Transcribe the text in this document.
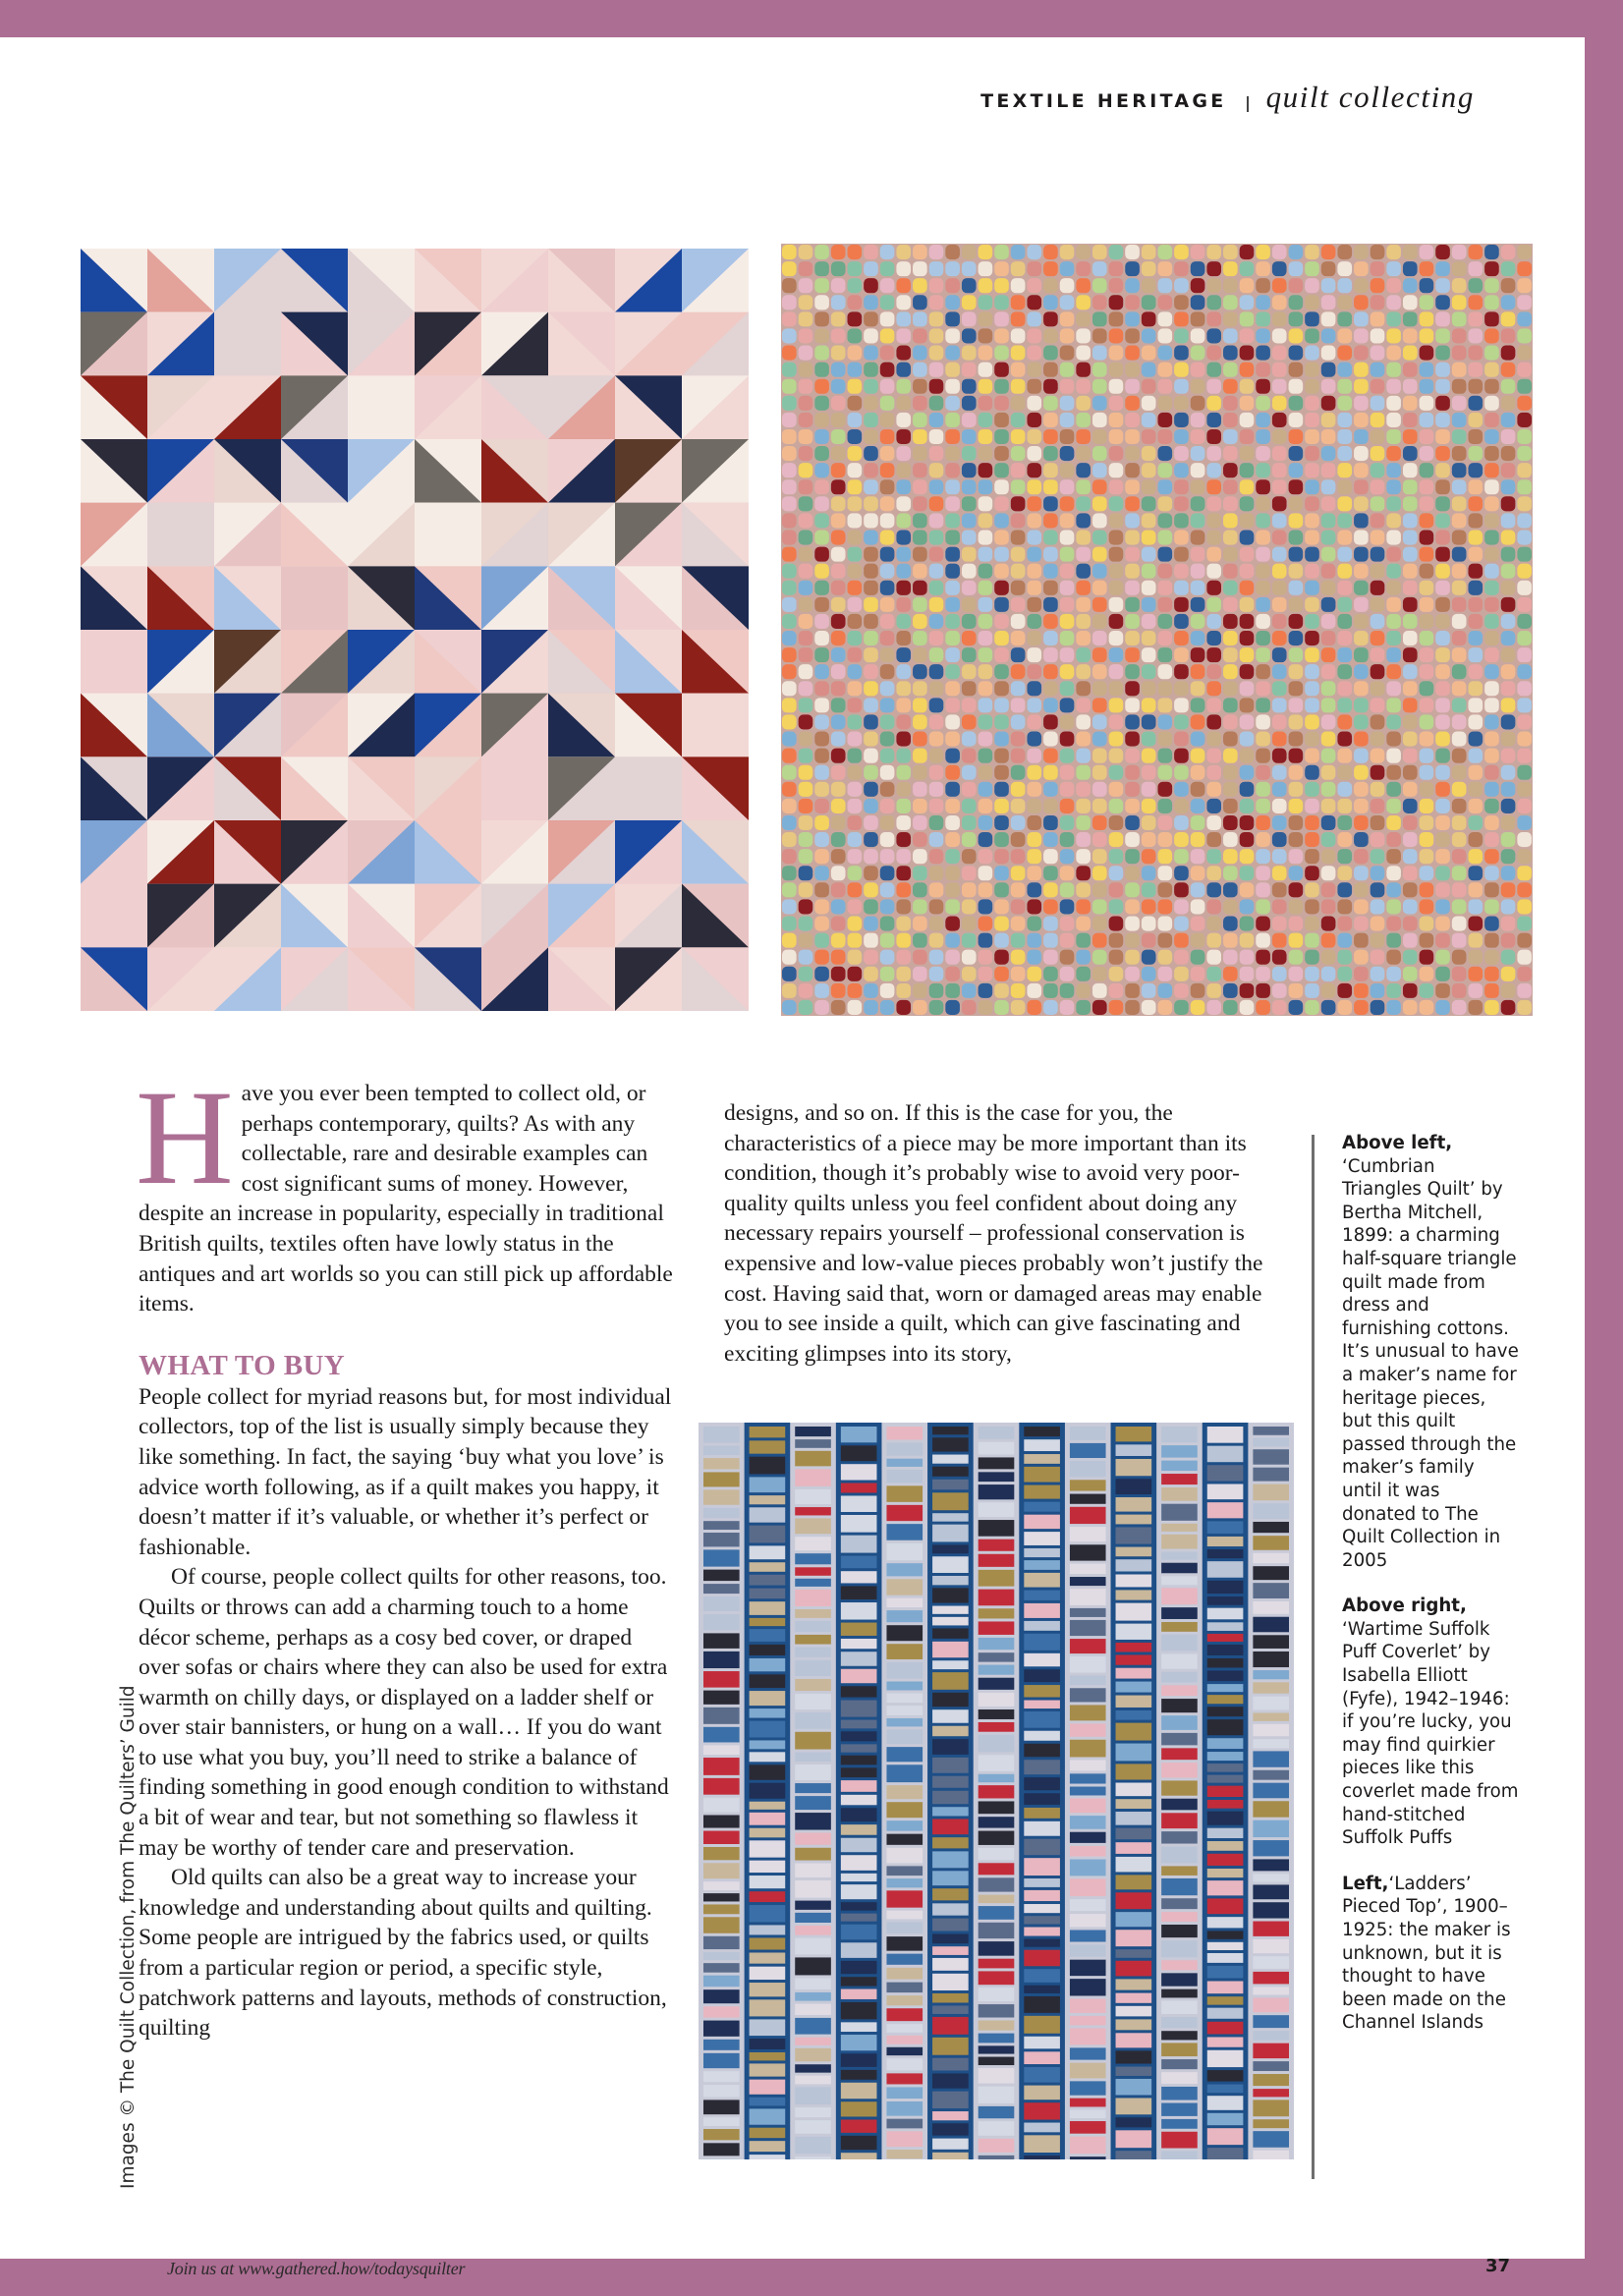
TEXTILE HERITAGE quilt collecting

Have you ever been tempted to collect old, or perhaps contemporary, quilts? As with any collectable, rare and desirable examples can cost significant sums of money. However, despite an increase in popularity, especially in traditional British quilts, textiles often have lowly status in the antiques and art worlds so you can still pick up affordable items.

WHAT TO BUY

People collect for myriad reasons but, for most individual collectors, top of the list is usually simply because they like something. In fact, the saying ‘buy what you love’ is advice worth following, as if a quilt makes you happy, it doesn’t matter if it’s valuable, or whether it’s perfect or fashionable.

Of course, people collect quilts for other reasons, too. Quilts or throws can add a charming touch to a home décor scheme, perhaps as a cosy bed cover, or draped over sofas or chairs where they can also be used for extra warmth on chilly days, or displayed on a ladder shelf or over stair bannisters, or hung on a wall… If you do want to use what you buy, you’ll need to strike a balance of finding something in good enough condition to withstand a bit of wear and tear, but not something so flawless it may be worthy of tender care and preservation.

Old quilts can also be a great way to increase your knowledge and understanding about quilts and quilting. Some people are intrigued by the fabrics used, or quilts from a particular region or period, a specific style, patchwork patterns and layouts, methods of construction, quilting

designs, and so on. If this is the case for you, the characteristics of a piece may be more important than its condition, though it’s probably wise to avoid very poor-quality quilts unless you feel confident about doing any necessary repairs yourself – professional conservation is expensive and low-value pieces probably won’t justify the cost. Having said that, worn or damaged areas may enable you to see inside a quilt, which can give fascinating and exciting glimpses into its story,

Above left, ‘Cumbrian Triangles Quilt’ by Bertha Mitchell, 1899: a charming half-square triangle quilt made from dress and furnishing cottons. It’s unusual to have a maker’s name for heritage pieces, but this quilt passed through the maker’s family until it was donated to The Quilt Collection in 2005
Above right, ‘Wartime Suffolk Puff Coverlet’ by Isabella Elliott (Fyfe), 1942–1946: if you’re lucky, you may find quirkier pieces like this coverlet made from hand-stitched Suffolk Puffs
Left,‘Ladders’ Pieced Top’, 1900–1925: the maker is unknown, but it is thought to have been made on the Channel Islands
Images © The Quilt Collection, from The Quilters’ Guild
Join us at www.gathered.how/todaysquilter	37
